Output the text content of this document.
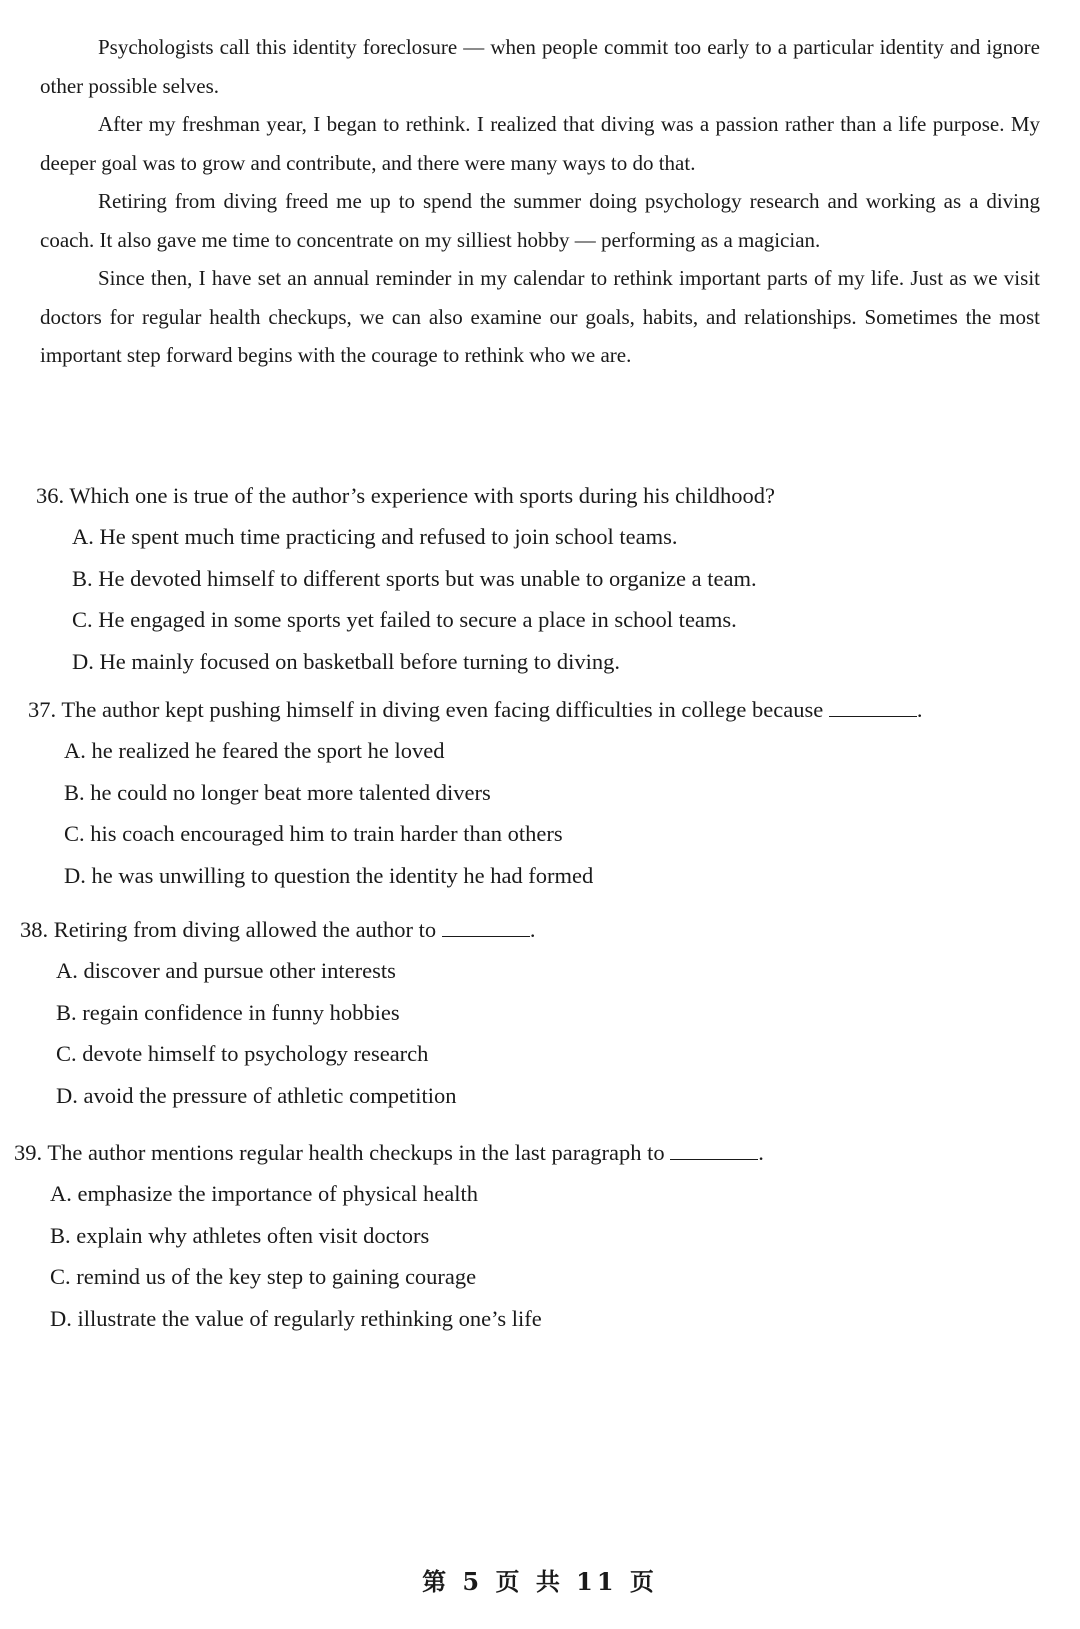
Psychologists call this identity foreclosure — when people commit too early to a particular identity and ignore other possible selves.

After my freshman year, I began to rethink. I realized that diving was a passion rather than a life purpose. My deeper goal was to grow and contribute, and there were many ways to do that.

Retiring from diving freed me up to spend the summer doing psychology research and working as a diving coach. It also gave me time to concentrate on my silliest hobby — performing as a magician.

Since then, I have set an annual reminder in my calendar to rethink important parts of my life. Just as we visit doctors for regular health checkups, we can also examine our goals, habits, and relationships. Sometimes the most important step forward begins with the courage to rethink who we are.

36. Which one is true of the author’s experience with sports during his childhood?

A. He spent much time practicing and refused to join school teams.
B. He devoted himself to different sports but was unable to organize a team.
C. He engaged in some sports yet failed to secure a place in school teams.
D. He mainly focused on basketball before turning to diving.

37. The author kept pushing himself in diving even facing difficulties in college because	.

A. he realized he feared the sport he loved
B. he could no longer beat more talented divers
C. his coach encouraged him to train harder than others
D. he was unwilling to question the identity he had formed

38. Retiring from diving allowed the author to	.

A. discover and pursue other interests
B. regain confidence in funny hobbies
C. devote himself to psychology research
D. avoid the pressure of athletic competition

39. The author mentions regular health checkups in the last paragraph to	.

A. emphasize the importance of physical health
B. explain why athletes often visit doctors
C. remind us of the key step to gaining courage
D. illustrate the value of regularly rethinking one’s life
第 5 页 共 11 页
